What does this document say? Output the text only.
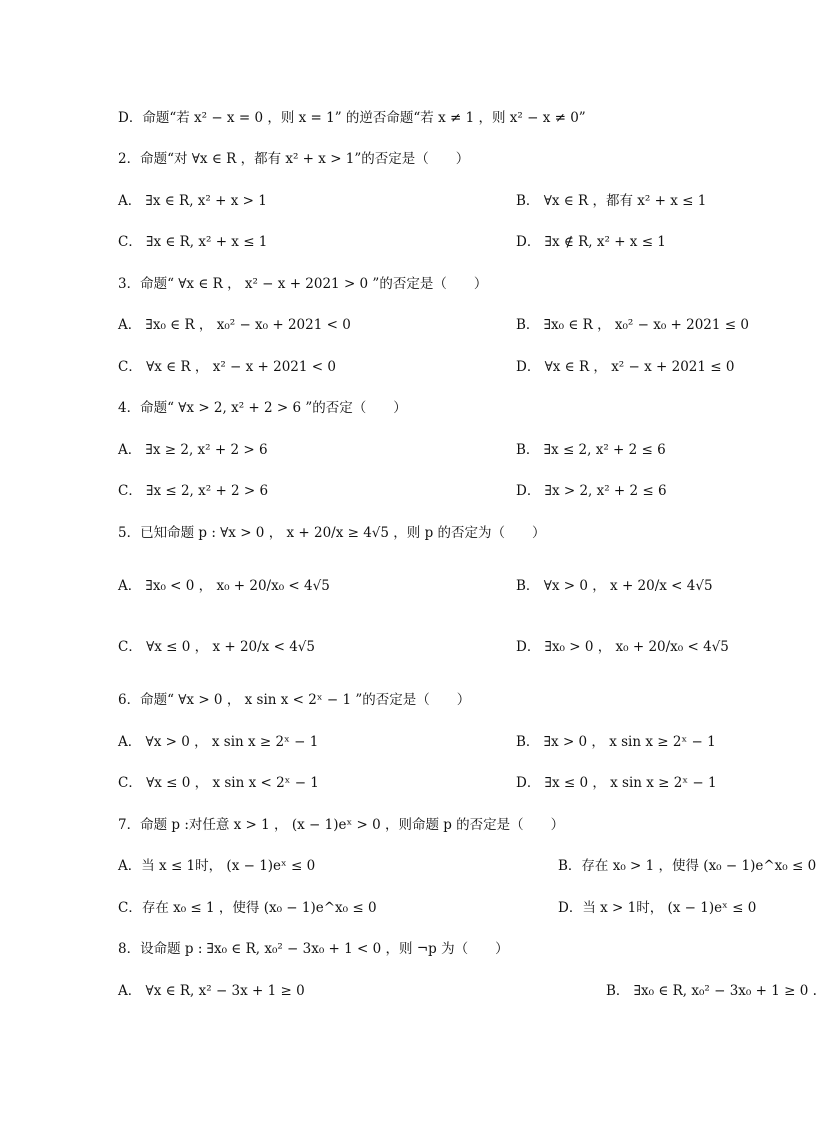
D．命题“若 x² − x = 0 ，则 x = 1” 的逆否命题“若 x ≠ 1 ，则 x² − x ≠ 0”
2．命题“对 ∀x ∈ R ，都有 x² + x > 1”的否定是（　　）
A． ∃x ∈ R, x² + x > 1	B． ∀x ∈ R ，都有 x² + x ≤ 1
C． ∃x ∈ R, x² + x ≤ 1	D． ∃x ∉ R, x² + x ≤ 1
3．命题“ ∀x ∈ R ， x² − x + 2021 > 0 ”的否定是（　　）
A． ∃x₀ ∈ R ， x₀² − x₀ + 2021 < 0	B． ∃x₀ ∈ R ， x₀² − x₀ + 2021 ≤ 0
C． ∀x ∈ R ， x² − x + 2021 < 0	D． ∀x ∈ R ， x² − x + 2021 ≤ 0
4．命题“ ∀x > 2, x² + 2 > 6 ”的否定（　　）
A． ∃x ≥ 2, x² + 2 > 6	B． ∃x ≤ 2, x² + 2 ≤ 6
C． ∃x ≤ 2, x² + 2 > 6	D． ∃x > 2, x² + 2 ≤ 6
5．已知命题 p : ∀x > 0 ， x + 20/x ≥ 4√5 ，则 p 的否定为（　　）
A． ∃x₀ < 0 ， x₀ + 20/x₀ < 4√5	B． ∀x > 0 ， x + 20/x < 4√5
C． ∀x ≤ 0 ， x + 20/x < 4√5	D． ∃x₀ > 0 ， x₀ + 20/x₀ < 4√5
6．命题“ ∀x > 0 ， x sin x < 2ˣ − 1 ”的否定是（　　）
A． ∀x > 0 ， x sin x ≥ 2ˣ − 1	B． ∃x > 0 ， x sin x ≥ 2ˣ − 1
C． ∀x ≤ 0 ， x sin x < 2ˣ − 1	D． ∃x ≤ 0 ， x sin x ≥ 2ˣ − 1
7．命题 p :对任意 x > 1 ， (x − 1)eˣ > 0 ，则命题 p 的否定是（　　）
A．当 x ≤ 1时， (x − 1)eˣ ≤ 0	B．存在 x₀ > 1 ，使得 (x₀ − 1)e^x₀ ≤ 0
C．存在 x₀ ≤ 1 ，使得 (x₀ − 1)e^x₀ ≤ 0	D．当 x > 1时， (x − 1)eˣ ≤ 0
8．设命题 p : ∃x₀ ∈ R, x₀² − 3x₀ + 1 < 0 ，则 ¬p 为（　　）
A． ∀x ∈ R, x² − 3x + 1 ≥ 0	B． ∃x₀ ∈ R, x₀² − 3x₀ + 1 ≥ 0 .
